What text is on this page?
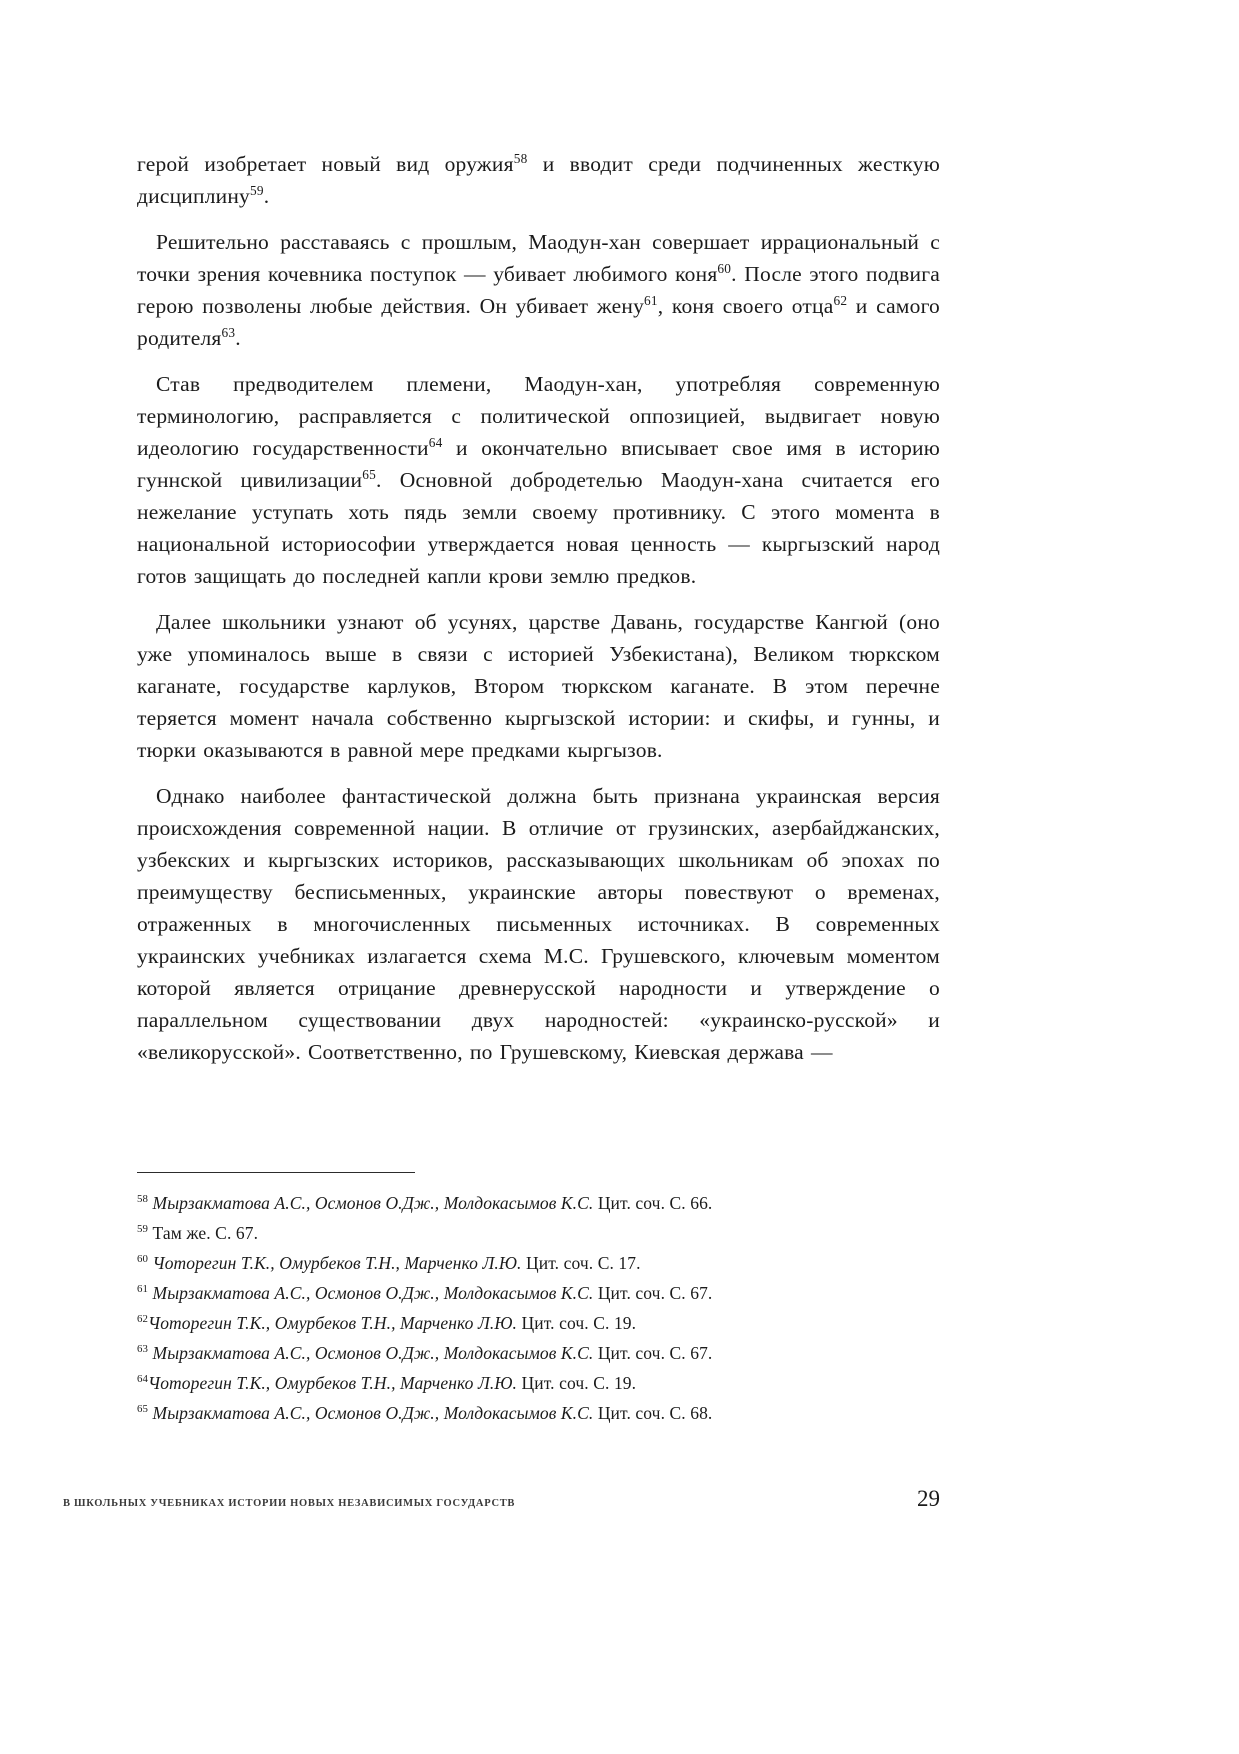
герой изобретает новый вид оружия$^{58}$ и вводит среди подчиненных жесткую дисциплину$^{59}$.

Решительно расставаясь с прошлым, Маодун-хан совершает иррациональный с точки зрения кочевника поступок — убивает любимого коня$^{60}$. После этого подвига герою позволены любые действия. Он убивает жену$^{61}$, коня своего отца$^{62}$ и самого родителя$^{63}$.

Став предводителем племени, Маодун-хан, употребляя современную терминологию, расправляется с политической оппозицией, выдвигает новую идеологию государственности$^{64}$ и окончательно вписывает свое имя в историю гуннской цивилизации$^{65}$. Основной добродетелью Маодун-хана считается его нежелание уступать хоть пядь земли своему противнику. С этого момента в национальной историософии утверждается новая ценность — кыргызский народ готов защищать до последней капли крови землю предков.

Далее школьники узнают об усунях, царстве Давань, государстве Кангюй (оно уже упоминалось выше в связи с историей Узбекистана), Великом тюркском каганате, государстве карлуков, Втором тюркском каганате. В этом перечне теряется момент начала собственно кыргызской истории: и скифы, и гунны, и тюрки оказываются в равной мере предками кыргызов.

Однако наиболее фантастической должна быть признана украинская версия происхождения современной нации. В отличие от грузинских, азербайджанских, узбекских и кыргызских историков, рассказывающих школьникам об эпохах по преимуществу бесписьменных, украинские авторы повествуют о временах, отраженных в многочисленных письменных источниках. В современных украинских учебниках излагается схема М.С. Грушевского, ключевым моментом которой является отрицание древнерусской народности и утверждение о параллельном существовании двух народностей: «украинско-русской» и «великорусской». Соответственно, по Грушевскому, Киевская держава —

$^{58}$ Мырзакматова А.С., Осмонов О.Дж., Молдокасымов К.С. Цит. соч. С. 66.

$^{59}$ Там же. С. 67.

$^{60}$ Чоторегин Т.К., Омурбеков Т.Н., Марченко Л.Ю. Цит. соч. С. 17.

$^{61}$ Мырзакматова А.С., Осмонов О.Дж., Молдокасымов К.С. Цит. соч. С. 67.

$^{62}$Чоторегин Т.К., Омурбеков Т.Н., Марченко Л.Ю. Цит. соч. С. 19.

$^{63}$ Мырзакматова А.С., Осмонов О.Дж., Молдокасымов К.С. Цит. соч. С. 67.

$^{64}$Чоторегин Т.К., Омурбеков Т.Н., Марченко Л.Ю. Цит. соч. С. 19.

$^{65}$ Мырзакматова А.С., Осмонов О.Дж., Молдокасымов К.С. Цит. соч. С. 68.

В ШКОЛЬНЫХ УЧЕБНИКАХ ИСТОРИИ НОВЫХ НЕЗАВИСИМЫХ ГОСУДАРСТВ	29
